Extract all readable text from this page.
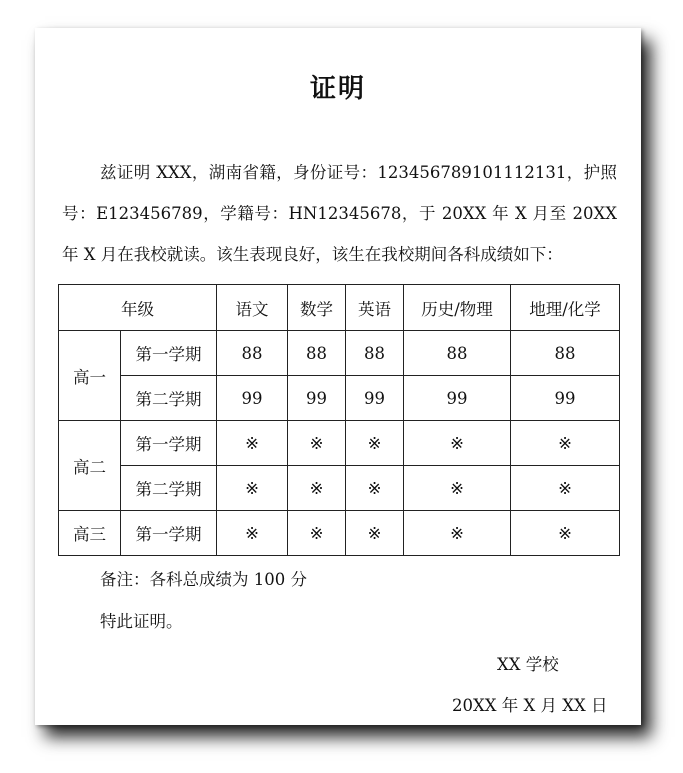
证明
兹证明 XXX，湖南省籍，身份证号：123456789101112131，护照号：E123456789，学籍号：HN12345678，于 20XX 年 X 月至 20XX 年 X 月在我校就读。该生表现良好，该生在我校期间各科成绩如下：
年级		语文	数学	英语	历史/物理	地理/化学
高一	第一学期	88	88	88	88	88
	第二学期	99	99	99	99	99
高二	第一学期	※	※	※	※	※
	第二学期	※	※	※	※	※
高三	第一学期	※	※	※	※	※
备注：各科总成绩为 100 分
特此证明。
XX 学校
20XX 年 X 月 XX 日
